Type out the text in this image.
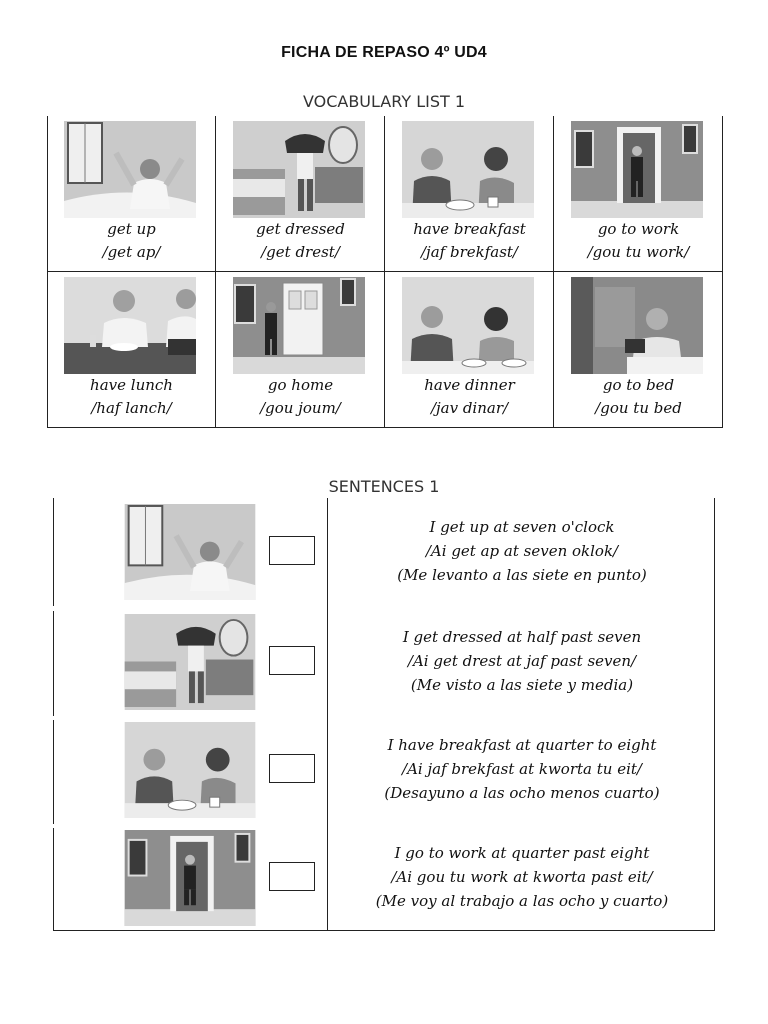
FICHA DE REPASO 4º UD4
VOCABULARY LIST 1
get up
/get ap/
get dressed
/get drest/
have breakfast
/jaf brekfast/
go to work
/gou tu work/
have lunch
/haf lanch/
go home
/gou joum/
have dinner
/jav dinar/
go to bed
/gou tu bed
SENTENCES 1
I get up at seven o'clock
/Ai get ap at seven oklok/
(Me levanto a las siete en punto)
I get dressed at half past seven
/Ai get drest at jaf past seven/
(Me visto a las siete y media)
I have breakfast at quarter to eight
/Ai jaf brekfast at kworta tu eit/
(Desayuno a las ocho menos cuarto)
I go to work at quarter past eight
/Ai gou tu work at kworta past eit/
(Me voy al trabajo a las ocho y cuarto)
